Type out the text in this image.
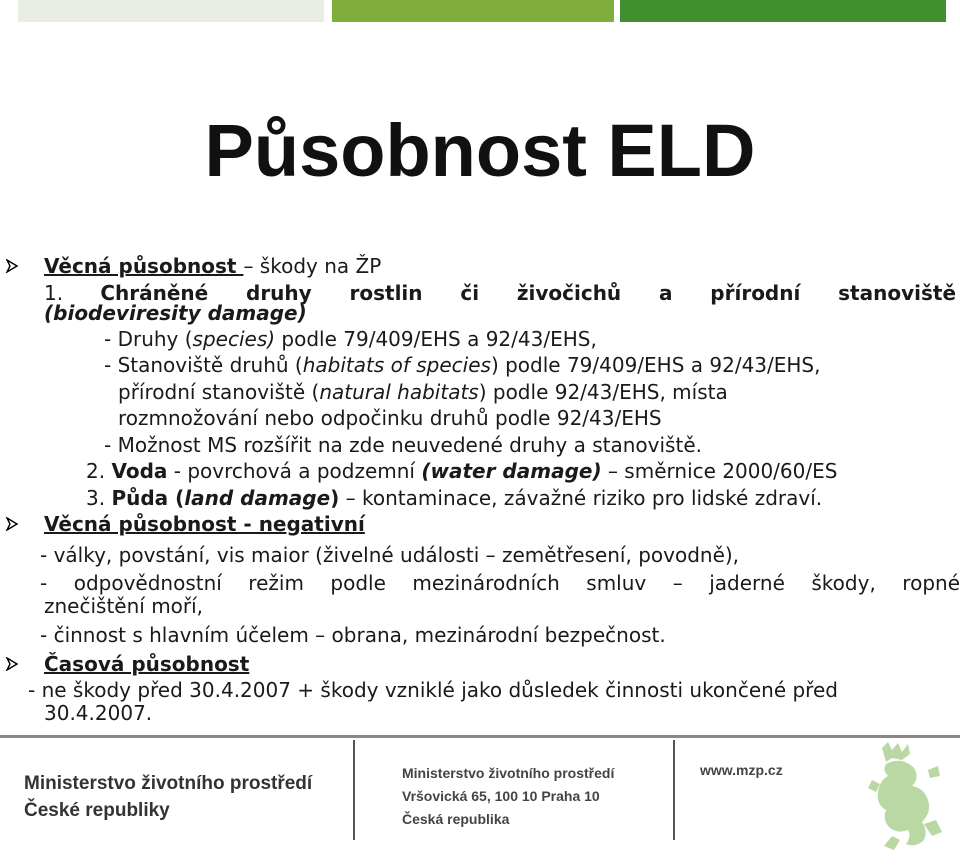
Působnost ELD
Věcná působnost – škody na ŽP
1. Chráněné druhy rostlin či živočichů a přírodní stanoviště
(biodeviresity damage)
- Druhy (species) podle 79/409/EHS a 92/43/EHS,
- Stanoviště druhů (habitats of species) podle 79/409/EHS a 92/43/EHS,
přírodní stanoviště (natural habitats) podle 92/43/EHS, místa
rozmnožování nebo odpočinku druhů podle 92/43/EHS
- Možnost MS rozšířit na zde neuvedené druhy a stanoviště.
2. Voda - povrchová a podzemní (water damage) – směrnice 2000/60/ES
3. Půda (land damage) – kontaminace, závažné riziko pro lidské zdraví.
Věcná působnost - negativní
- války, povstání, vis maior (živelné události – zemětřesení, povodně),
- odpovědnostní režim podle mezinárodních smluv – jaderné škody, ropné
znečištění moří,
- činnost s hlavním účelem – obrana, mezinárodní bezpečnost.
Časová působnost
- ne škody před 30.4.2007 + škody vzniklé jako důsledek činnosti ukončené před
30.4.2007.
Ministerstvo životního prostředí
České republiky
Ministerstvo životního prostředí
Vršovická 65, 100 10 Praha 10
Česká republika
www.mzp.cz
